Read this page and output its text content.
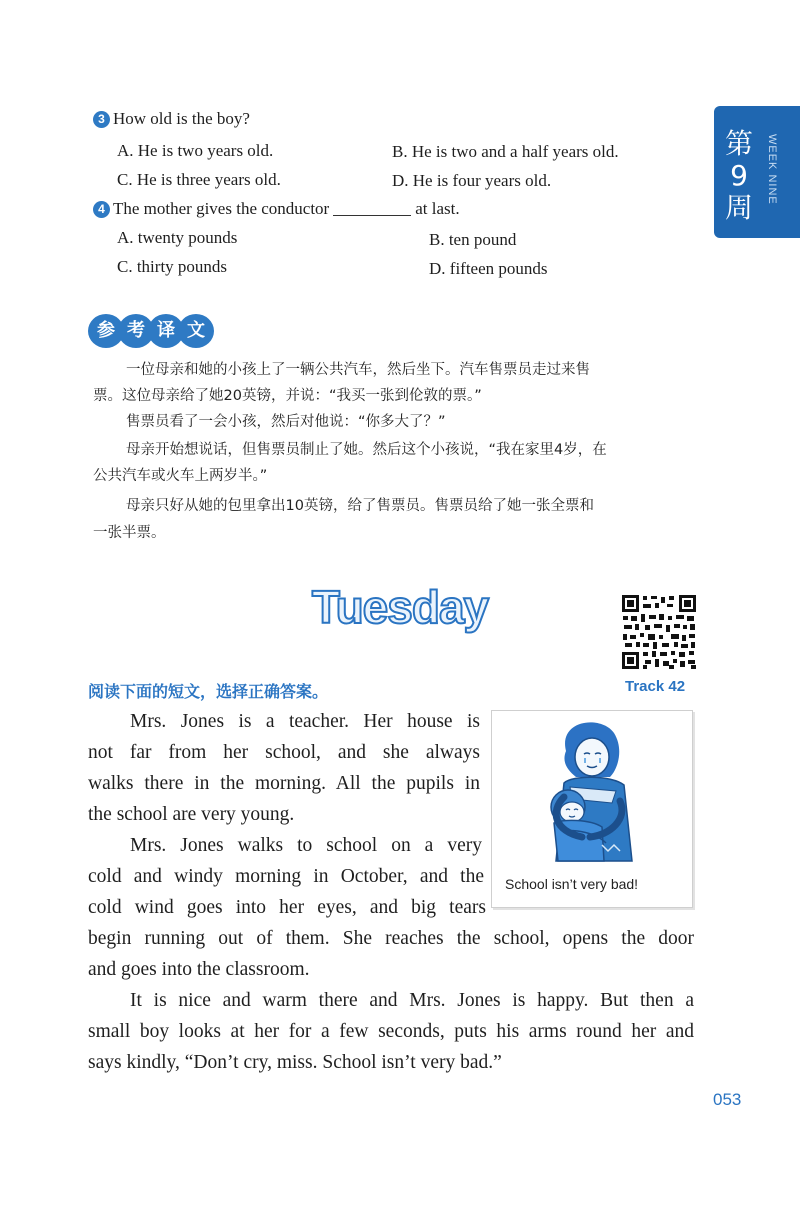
3 How old is the boy?
A. He is two years old.	B. He is two and a half years old.
C. He is three years old.	D. He is four years old.
4 The mother gives the conductor	at last.
A. twenty pounds	B. ten pound
C. thirty pounds	D. fifteen pounds
第9周
WEEK NINE
参 考 译 文
一位母亲和她的小孩上了一辆公共汽车，然后坐下。汽车售票员走过来售
票。这位母亲给了她20英镑，并说：“我买一张到伦敦的票。”
售票员看了一会小孩，然后对他说：“你多大了？”
母亲开始想说话，但售票员制止了她。然后这个小孩说，“我在家里4岁，在
公共汽车或火车上两岁半。”
母亲只好从她的包里拿出10英镑，给了售票员。售票员给了她一张全票和
一张半票。
Tuesday
Track 42
阅读下面的短文，选择正确答案。
Mrs. Jones is a teacher. Her house is
not far from her school, and she always
walks there in the morning. All the pupils in
the school are very young.
Mrs. Jones walks to school on a very
cold and windy morning in October, and the
cold wind goes into her eyes, and big tears
begin running out of them. She reaches the school, opens the door
and goes into the classroom.
It is nice and warm there and Mrs. Jones is happy. But then a
small boy looks at her for a few seconds, puts his arms round her and
says kindly, “Don’t cry, miss. School isn’t very bad.”
School isn’t very bad!
053
